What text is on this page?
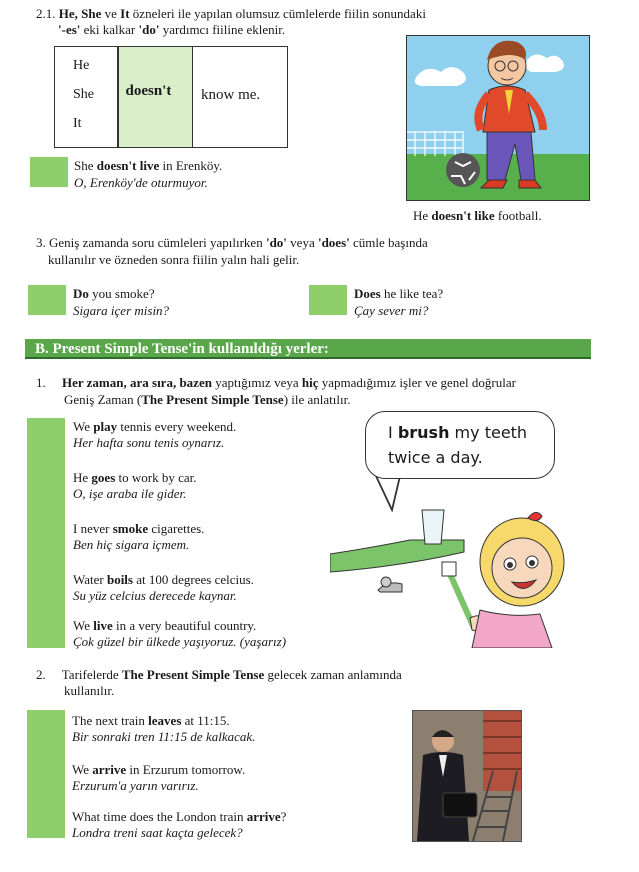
2.1. He, She ve It özneleri ile yapılan olumsuz cümlelerde fiilin sonundaki
'-es' eki kalkar 'do' yardımcı fiiline eklenir.
He
She
It
doesn't know me.
She doesn't live in Erenköy.
O, Erenköy'de oturmuyor.
He doesn't like football.
3. Geniş zamanda soru cümleleri yapılırken 'do' veya 'does' cümle başında
kullanılır ve özneden sonra fiilin yalın hali gelir.
Do you smoke?
Sigara içer misin?
Does he like tea?
Çay sever mi?
B. Present Simple Tense'in kullanıldığı yerler:
1. Her zaman, ara sıra, bazen yaptığımız veya hiç yapmadığımız işler ve genel doğrular
Geniş Zaman (The Present Simple Tense) ile anlatılır.
We play tennis every weekend.
Her hafta sonu tenis oynarız.
He goes to work by car.
O, işe araba ile gider.
I never smoke cigarettes.
Ben hiç sigara içmem.
Water boils at 100 degrees celcius.
Su yüz celcius derecede kaynar.
We live in a very beautiful country.
Çok güzel bir ülkede yaşıyoruz. (yaşarız)
I brush my teeth
twice a day.
2. Tarifelerde The Present Simple Tense gelecek zaman anlamında
kullanılır.
The next train leaves at 11:15.
Bir sonraki tren 11:15 de kalkacak.
We arrive in Erzurum tomorrow.
Erzurum'a yarın varırız.
What time does the London train arrive?
Londra treni saat kaçta gelecek?
